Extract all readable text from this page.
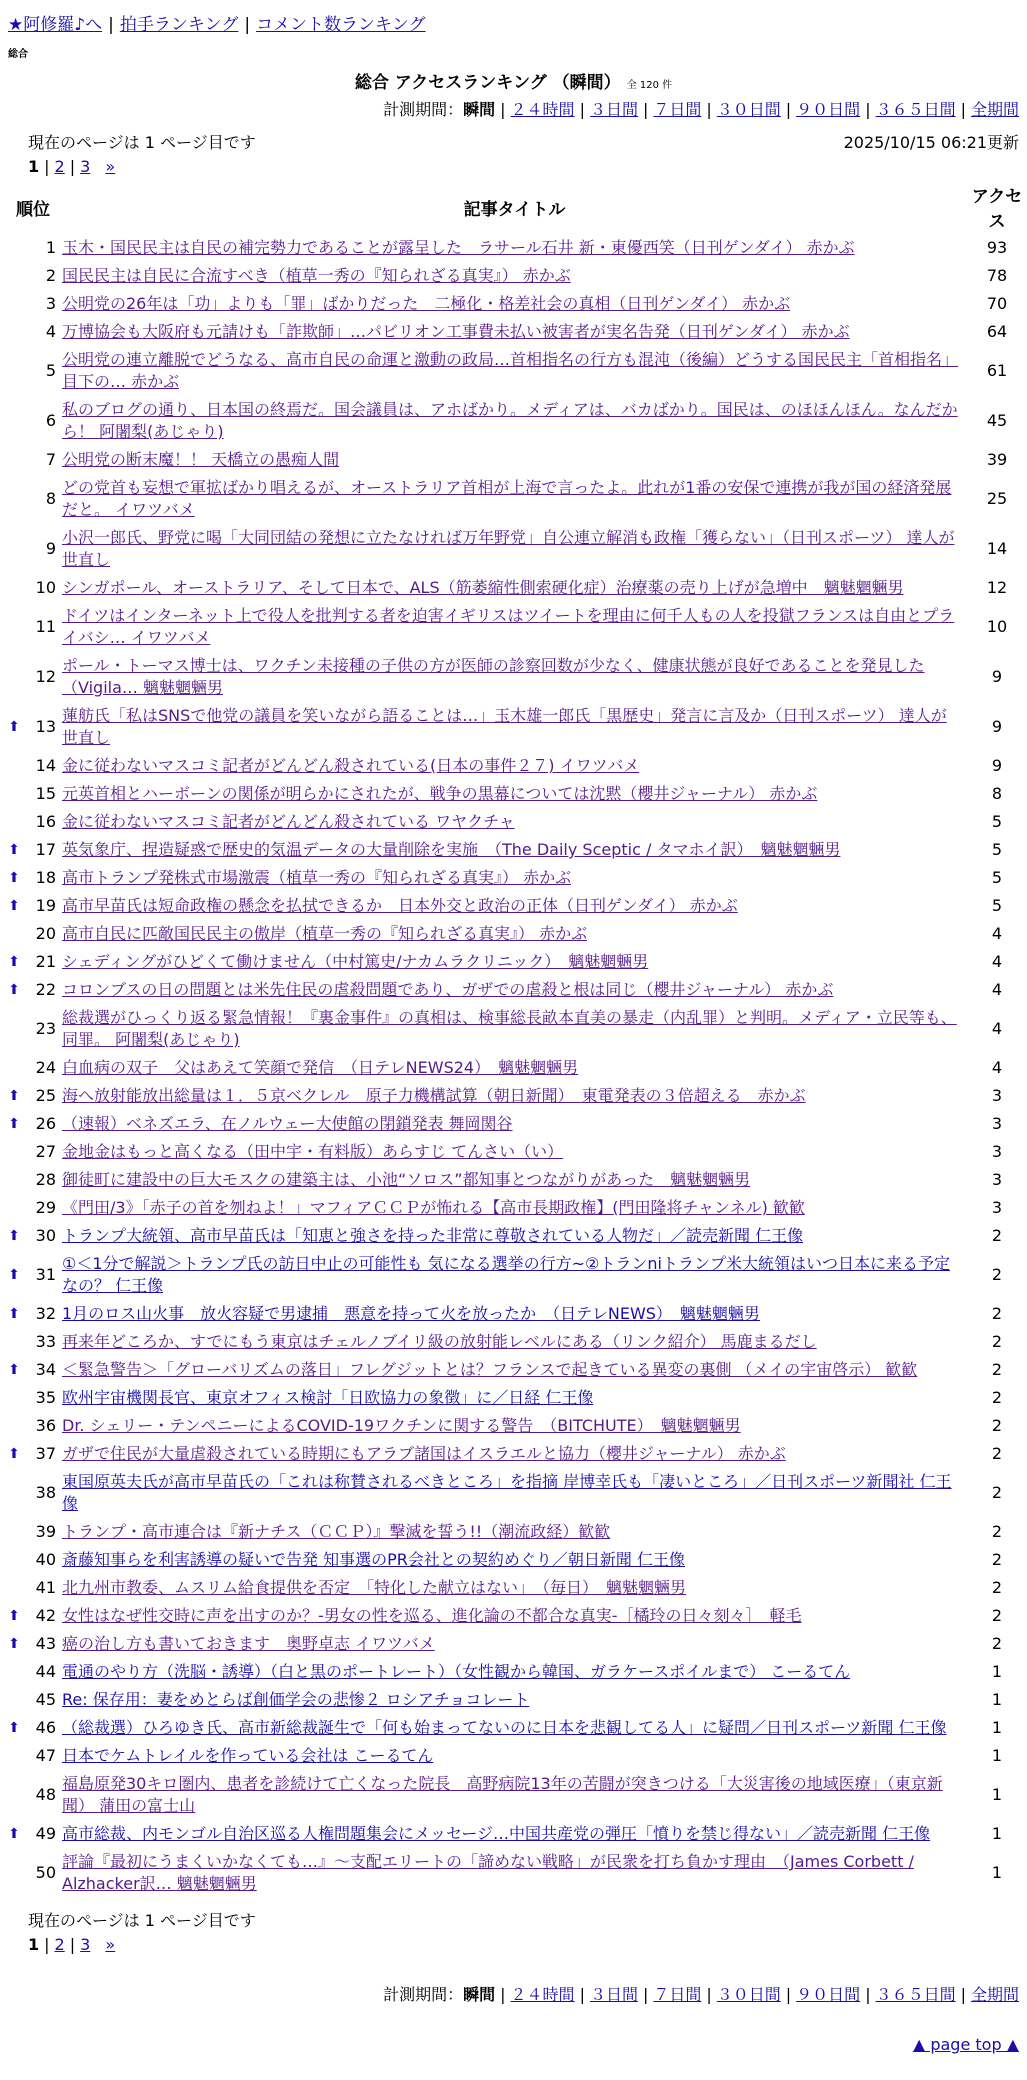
★阿修羅♪へ | 拍手ランキング | コメント数ランキング
総合
総合 アクセスランキング （瞬間） 全 120 件
計測期間：瞬間 | ２４時間 | ３日間 | ７日間 | ３０日間 | ９０日間 | ３６５日間 | 全期間
現在のページは 1 ページ目です	2025/10/15 06:21更新
1 | 2 | 3 »
順位		記事タイトル	アクセス
	1	玉木・国民民主は自民の補完勢力であることが露呈した　ラサール石井 新・東優西笑（日刊ゲンダイ） 赤かぶ	93
	2	国民民主は自民に合流すべき（植草一秀の『知られざる真実』） 赤かぶ	78
	3	公明党の26年は「功」よりも「罪」ばかりだった　二極化・格差社会の真相（日刊ゲンダイ） 赤かぶ	70
	4	万博協会も大阪府も元請けも「詐欺師」…パビリオン工事費未払い被害者が実名告発（日刊ゲンダイ） 赤かぶ	64
	5	公明党の連立離脱でどうなる、高市自民の命運と激動の政局…首相指名の行方も混沌（後編）どうする国民民主「首相指名」目下の… 赤かぶ	61
	6	私のブログの通り、日本国の終焉だ。国会議員は、アホばかり。メディアは、バカばかり。国民は、のほほんほん。なんだから！ 阿闍梨(あじゃり)	45
	7	公明党の断末魔！！ 天橋立の愚痴人間	39
	8	どの党首も妄想で軍拡ばかり唱えるが、オーストラリア首相が上海で言ったよ。此れが1番の安保で連携が我が国の経済発展だと。 イワツバメ	25
	9	小沢一郎氏、野党に喝「大同団結の発想に立たなければ万年野党」自公連立解消も政権「獲らない」（日刊スポーツ） 達人が世直し	14
	10	シンガポール、オーストラリア、そして日本で、ALS（筋萎縮性側索硬化症）治療薬の売り上げが急増中　魑魅魍魎男	12
	11	ドイツはインターネット上で役人を批判する者を迫害イギリスはツイートを理由に何千人もの人を投獄フランスは自由とプライバシ… イワツバメ	10
	12	ポール・トーマス博士は、ワクチン未接種の子供の方が医師の診察回数が少なく、健康状態が良好であることを発見した（Vigila… 魑魅魍魎男	9
⬆	13	蓮舫氏「私はSNSで他党の議員を笑いながら語ることは…」玉木雄一郎氏「黒歴史」発言に言及か（日刊スポーツ） 達人が世直し	9
	14	金に従わないマスコミ記者がどんどん殺されている(日本の事件２７) イワツバメ	9
	15	元英首相とハーボーンの関係が明らかにされたが、戦争の黒幕については沈黙（櫻井ジャーナル） 赤かぶ	8
	16	金に従わないマスコミ記者がどんどん殺されている ワヤクチャ	5
⬆	17	英気象庁、捏造疑惑で歴史的気温データの大量削除を実施　（The Daily Sceptic / タマホイ訳）　魑魅魍魎男	5
⬆	18	高市トランプ発株式市場激震（植草一秀の『知られざる真実』） 赤かぶ	5
⬆	19	高市早苗氏は短命政権の懸念を払拭できるか　日本外交と政治の正体（日刊ゲンダイ） 赤かぶ	5
	20	高市自民に匹敵国民民主の傲岸（植草一秀の『知られざる真実』） 赤かぶ	4
⬆	21	シェディングがひどくて働けません（中村篤史/ナカムラクリニック）　魑魅魍魎男	4
⬆	22	コロンブスの日の問題とは米先住民の虐殺問題であり、ガザでの虐殺と根は同じ（櫻井ジャーナル） 赤かぶ	4
	23	総裁選がひっくり返る緊急情報！『裏金事件』の真相は、検事総長畝本直美の暴走（内乱罪）と判明。メディア・立民等も、同罪。 阿闍梨(あじゃり)	4
	24	白血病の双子　父はあえて笑顔で発信　（日テレNEWS24）　魑魅魍魎男	4
⬆	25	海へ放射能放出総量は１．５京ベクレル　原子力機構試算（朝日新聞）　東電発表の３倍超える　赤かぶ	3
⬆	26	（速報）ベネズエラ、在ノルウェー大使館の閉鎖発表 舞岡関谷	3
	27	金地金はもっと高くなる（田中宇・有料版）あらすじ てんさい（い）	3
	28	御徒町に建設中の巨大モスクの建築主は、小池“ソロス”都知事とつながりがあった　魑魅魍魎男	3
	29	《門田/3》「赤子の首を刎ねよ！」マフィアＣＣＰが怖れる【高市長期政権】(門田隆将チャンネル) 歓歓	3
⬆	30	トランプ大統領、高市早苗氏は「知恵と強さを持った非常に尊敬されている人物だ」／読売新聞 仁王像	2
⬆	31	①＜1分で解説＞トランプ氏の訪日中止の可能性も 気になる選挙の行方~②トランniトランプ米大統領はいつ日本に来る予定なの？ 仁王像	2
⬆	32	1月のロス山火事　放火容疑で男逮捕　悪意を持って火を放ったか　（日テレNEWS）　魑魅魍魎男	2
	33	再来年どころか、すでにもう東京はチェルノブイリ級の放射能レベルにある（リンク紹介） 馬鹿まるだし	2
⬆	34	＜緊急警告＞「グローバリズムの落日」フレグジットとは？フランスで起きている異変の裏側 （メイの宇宙啓示） 歓歓	2
	35	欧州宇宙機関長官、東京オフィス検討「日欧協力の象徴」に／日経 仁王像	2
	36	Dr. シェリー・テンペニーによるCOVID-19ワクチンに関する警告　（BITCHUTE）　魑魅魍魎男	2
⬆	37	ガザで住民が大量虐殺されている時期にもアラブ諸国はイスラエルと協力（櫻井ジャーナル） 赤かぶ	2
	38	東国原英夫氏が高市早苗氏の「これは称賛されるべきところ」を指摘 岸博幸氏も「凄いところ」／日刊スポーツ新聞社 仁王像	2
	39	トランプ・高市連合は『新ナチス（ＣＣＰ）』撃滅を誓う!!（潮流政経）歓歓	2
	40	斎藤知事らを利害誘導の疑いで告発 知事選のPR会社との契約めぐり／朝日新聞 仁王像	2
	41	北九州市教委、ムスリム給食提供を否定　「特化した献立はない」　（毎日）　魑魅魍魎男	2
⬆	42	女性はなぜ性交時に声を出すのか？-男女の性を巡る、進化論の不都合な真実-［橘玲の日々刻々］　軽毛	2
⬆	43	癌の治し方も書いておきます　奥野卓志 イワツバメ	2
	44	電通のやり方（洗脳・誘導）（白と黒のポートレート）（女性観から韓国、ガラケースポイルまで） こーるてん	1
	45	Re: 保存用：妻をめとらば創価学会の悲惨２ ロシアチョコレート	1
⬆	46	（総裁選）ひろゆき氏、高市新総裁誕生で「何も始まってないのに日本を悲観してる人」に疑問／日刊スポーツ新聞 仁王像	1
	47	日本でケムトレイルを作っている会社は こーるてん	1
	48	福島原発30キロ圏内、患者を診続けて亡くなった院長　高野病院13年の苦闘が突きつける「大災害後の地域医療」（東京新聞） 蒲田の富士山	1
⬆	49	高市総裁、内モンゴル自治区巡る人権問題集会にメッセージ…中国共産党の弾圧「憤りを禁じ得ない」／読売新聞 仁王像	1
	50	評論『最初にうまくいかなくても…』～支配エリートの「諦めない戦略」が民衆を打ち負かす理由　（James Corbett / Alzhacker訳… 魑魅魍魎男	1
現在のページは 1 ページ目です
1 | 2 | 3 »
計測期間：瞬間 | ２４時間 | ３日間 | ７日間 | ３０日間 | ９０日間 | ３６５日間 | 全期間
▲ page top ▲
